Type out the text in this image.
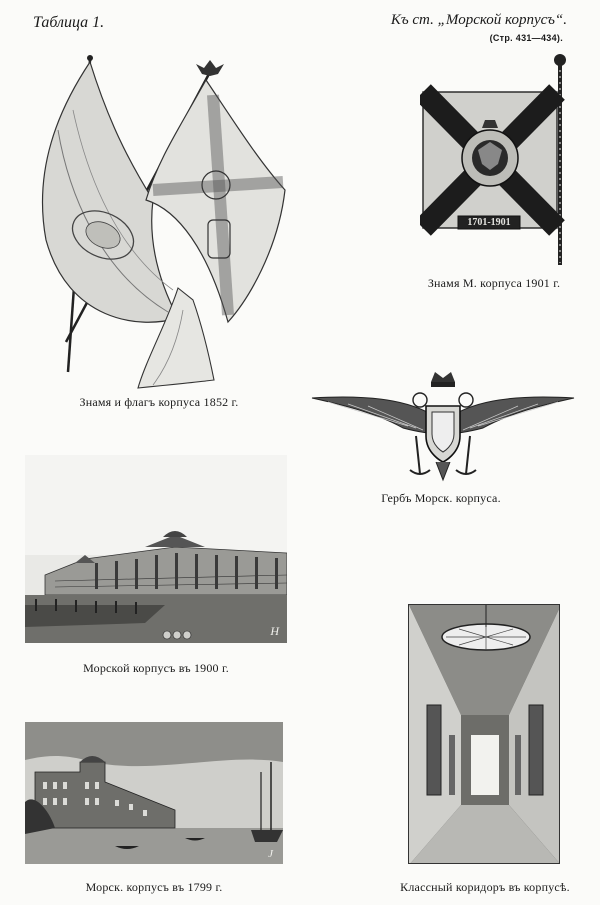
Таблица 1.	Къ ст. „Морской корпусъ“.
(Стр. 431—434).
Знамя и флагъ корпуса 1852 г.
1701-1901
Знамя М. корпуса 1901 г.
Гербъ Морск. корпуса.
Н
Морской корпусъ въ 1900 г.
Классный коридоръ въ корпусѣ.
J
Морск. корпусъ въ 1799 г.
